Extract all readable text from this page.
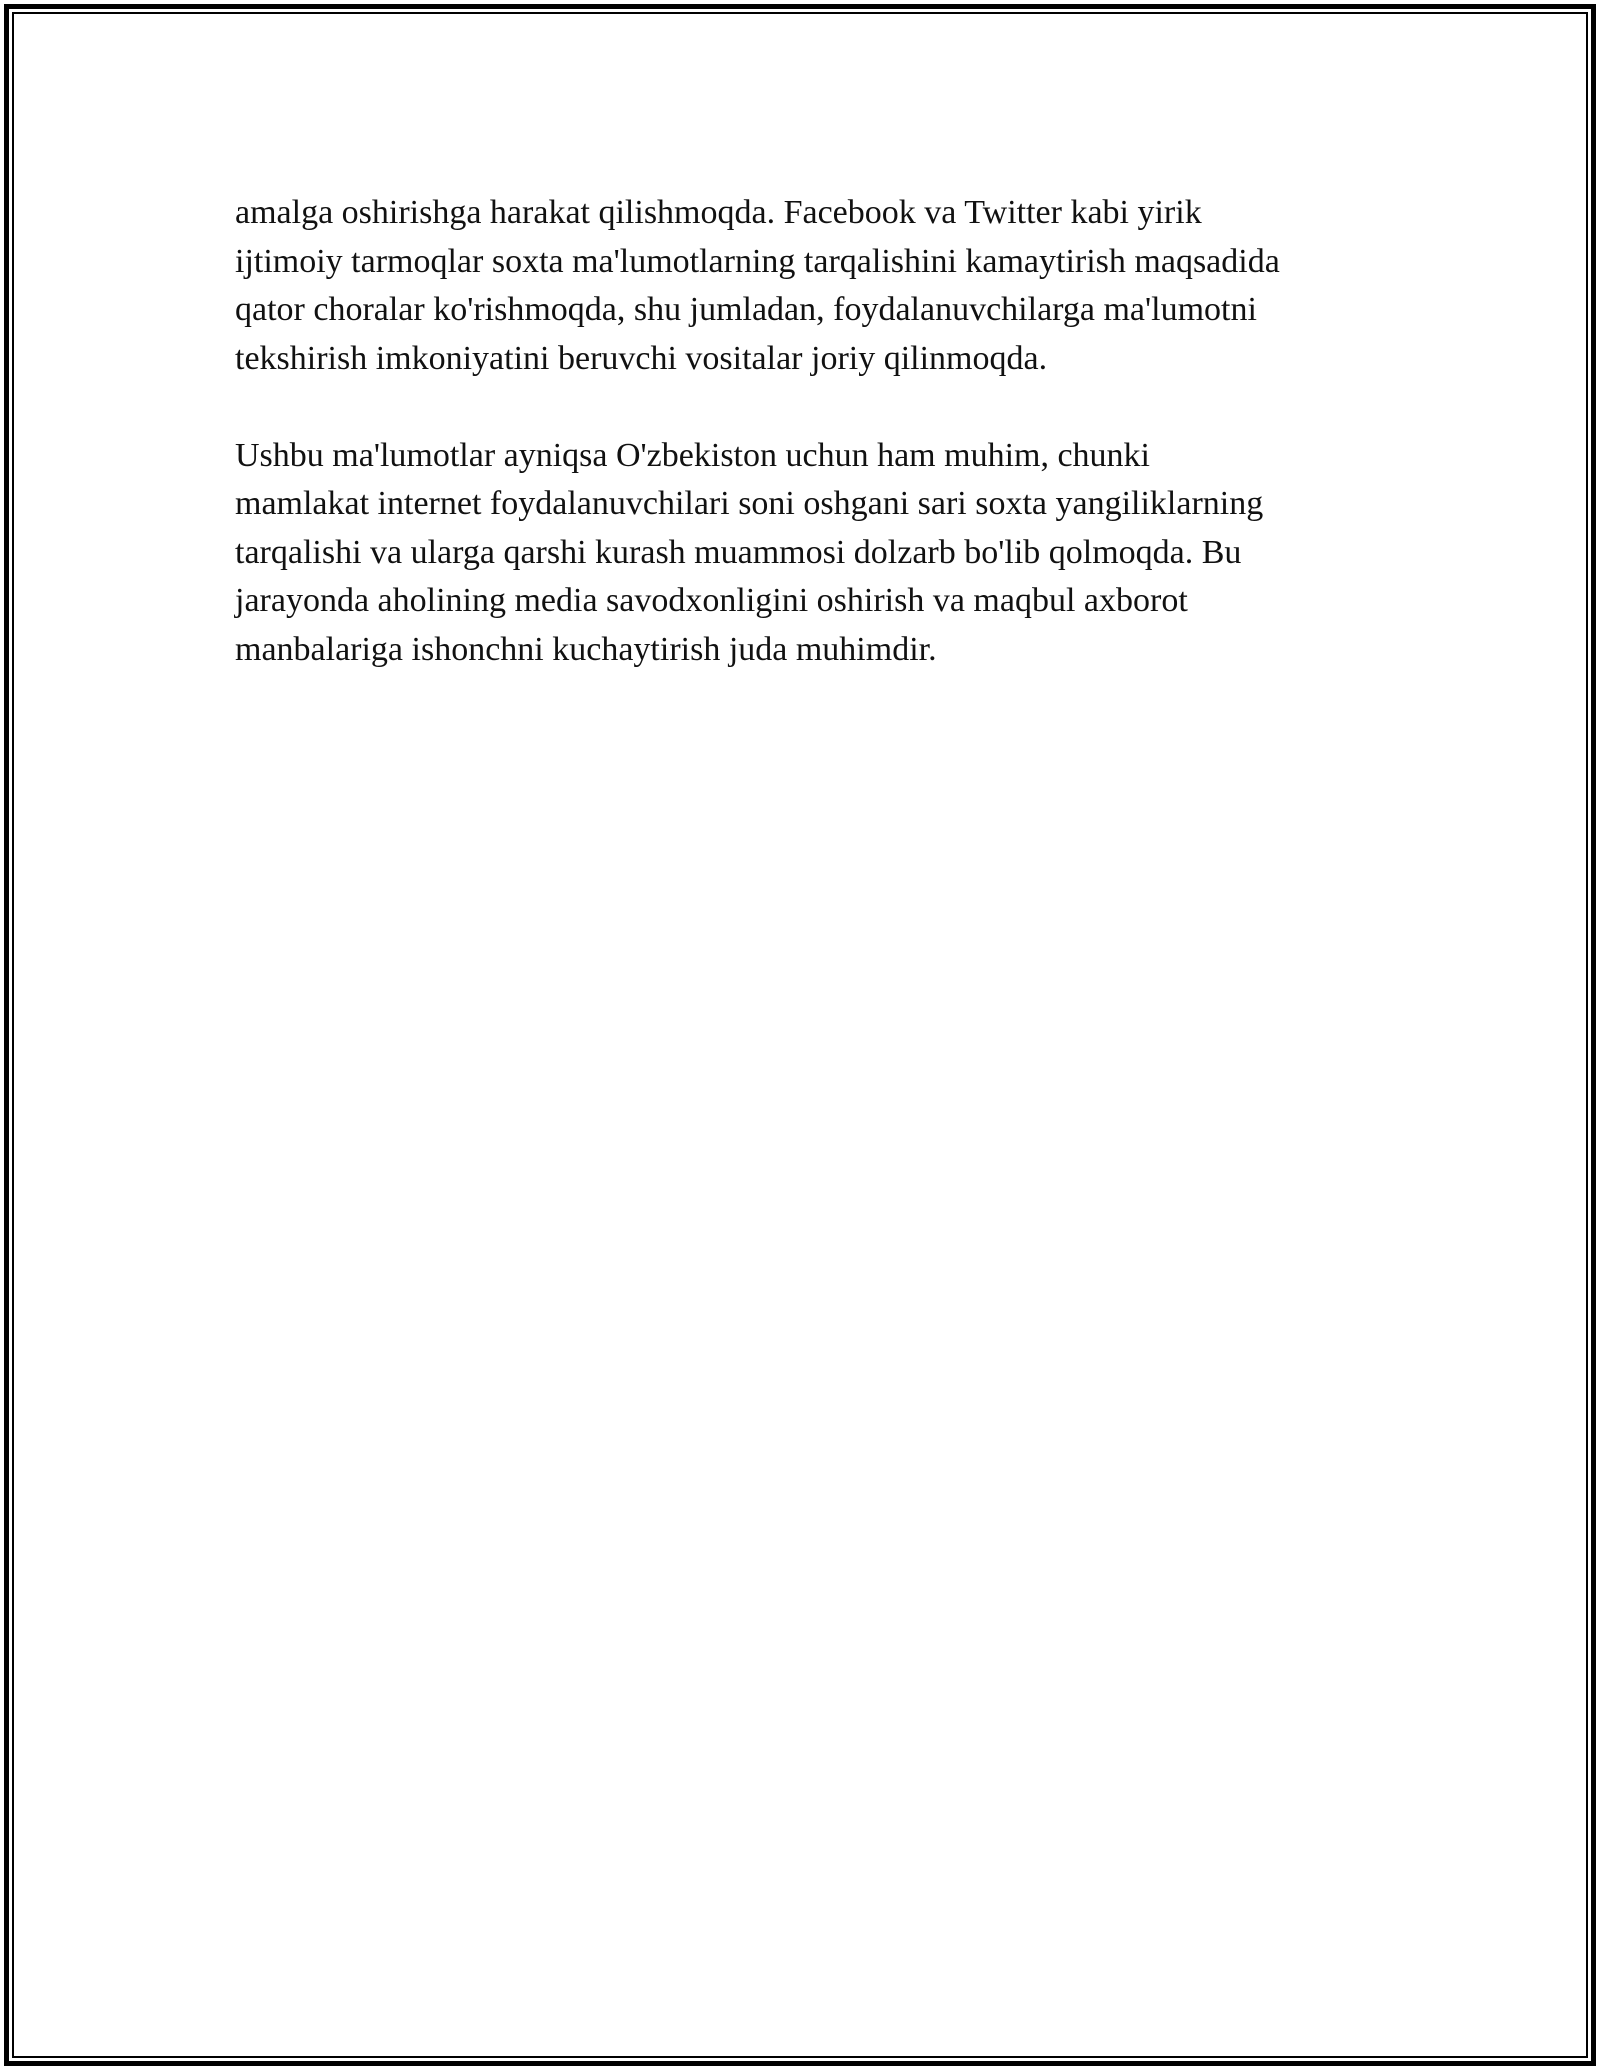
amalga oshirishga harakat qilishmoqda. Facebook va Twitter kabi yirik
ijtimoiy tarmoqlar soxta ma'lumotlarning tarqalishini kamaytirish maqsadida
qator choralar ko'rishmoqda, shu jumladan, foydalanuvchilarga ma'lumotni
tekshirish imkoniyatini beruvchi vositalar joriy qilinmoqda.

Ushbu ma'lumotlar ayniqsa O'zbekiston uchun ham muhim, chunki
mamlakat internet foydalanuvchilari soni oshgani sari soxta yangiliklarning
tarqalishi va ularga qarshi kurash muammosi dolzarb bo'lib qolmoqda. Bu
jarayonda aholining media savodxonligini oshirish va maqbul axborot
manbalariga ishonchni kuchaytirish juda muhimdir.
